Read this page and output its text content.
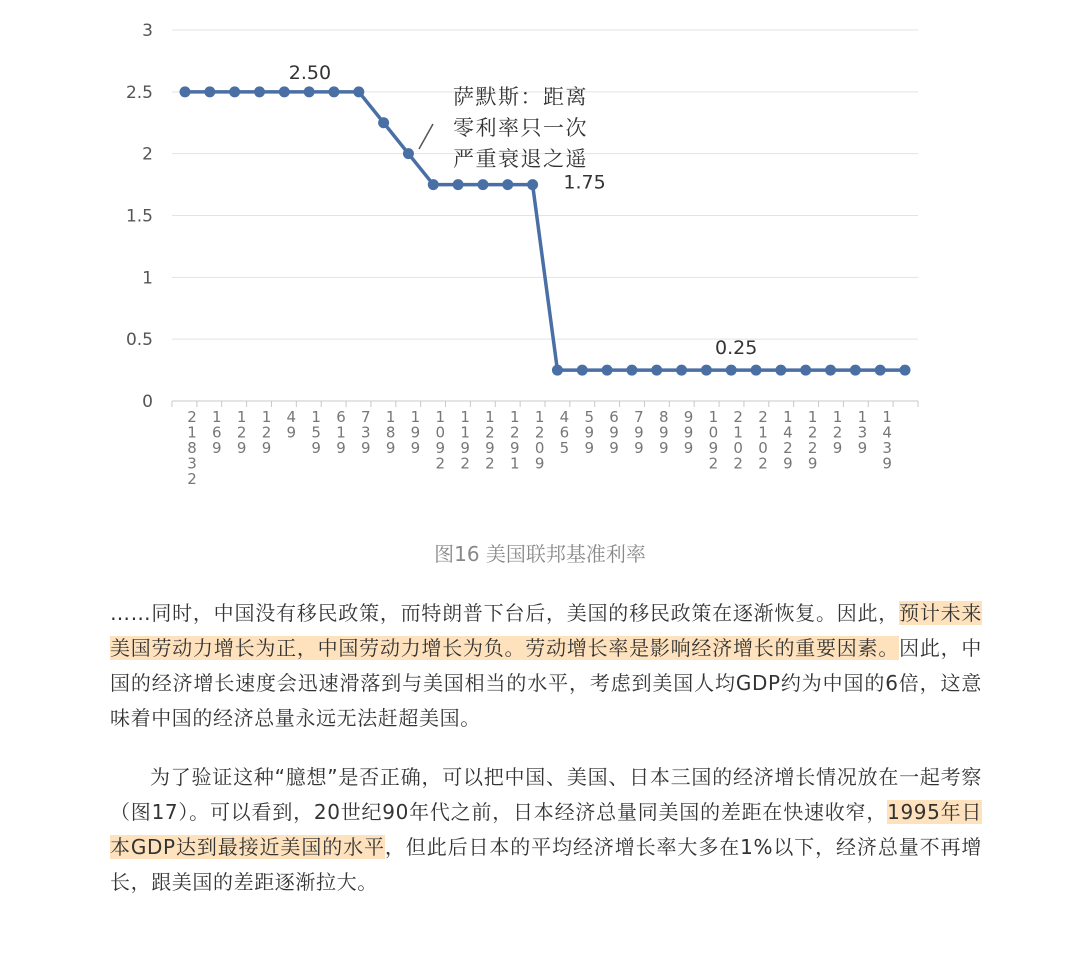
0
0.5
1
1.5
2
2.5
3
2 1 8 3 2
1 6 9
1 2 9
1 2 9
4 9
1 5 9
6 1 9
7 3 9
1 8 9
1 9 9
1 0 9 2
1 1 9 2
1 2 9 2
1 2 9 1
1 2 0 9
4 6 5
5 9 9
6 9 9
7 9 9
8 9 9
9 9 9
1 0 9 2
2 1 0 2
2 1 0 2
1 4 2 9
1 2 2 9
1 2 9
1 3 9
1 4 3 9
2.50
1.75
0.25
萨默斯：距离
零利率只一次
严重衰退之遥
图16 美国联邦基准利率

……同时，中国没有移民政策，而特朗普下台后，美国的移民政策在逐渐恢复。因此，预计未来美国劳动力增长为正，中国劳动力增长为负。劳动增长率是影响经济增长的重要因素。因此，中国的经济增长速度会迅速滑落到与美国相当的水平，考虑到美国人均GDP约为中国的6倍，这意味着中国的经济总量永远无法赶超美国。

为了验证这种“臆想”是否正确，可以把中国、美国、日本三国的经济增长情况放在一起考察（图17）。可以看到，20世纪90年代之前，日本经济总量同美国的差距在快速收窄，1995年日本GDP达到最接近美国的水平，但此后日本的平均经济增长率大多在1%以下，经济总量不再增长，跟美国的差距逐渐拉大。
